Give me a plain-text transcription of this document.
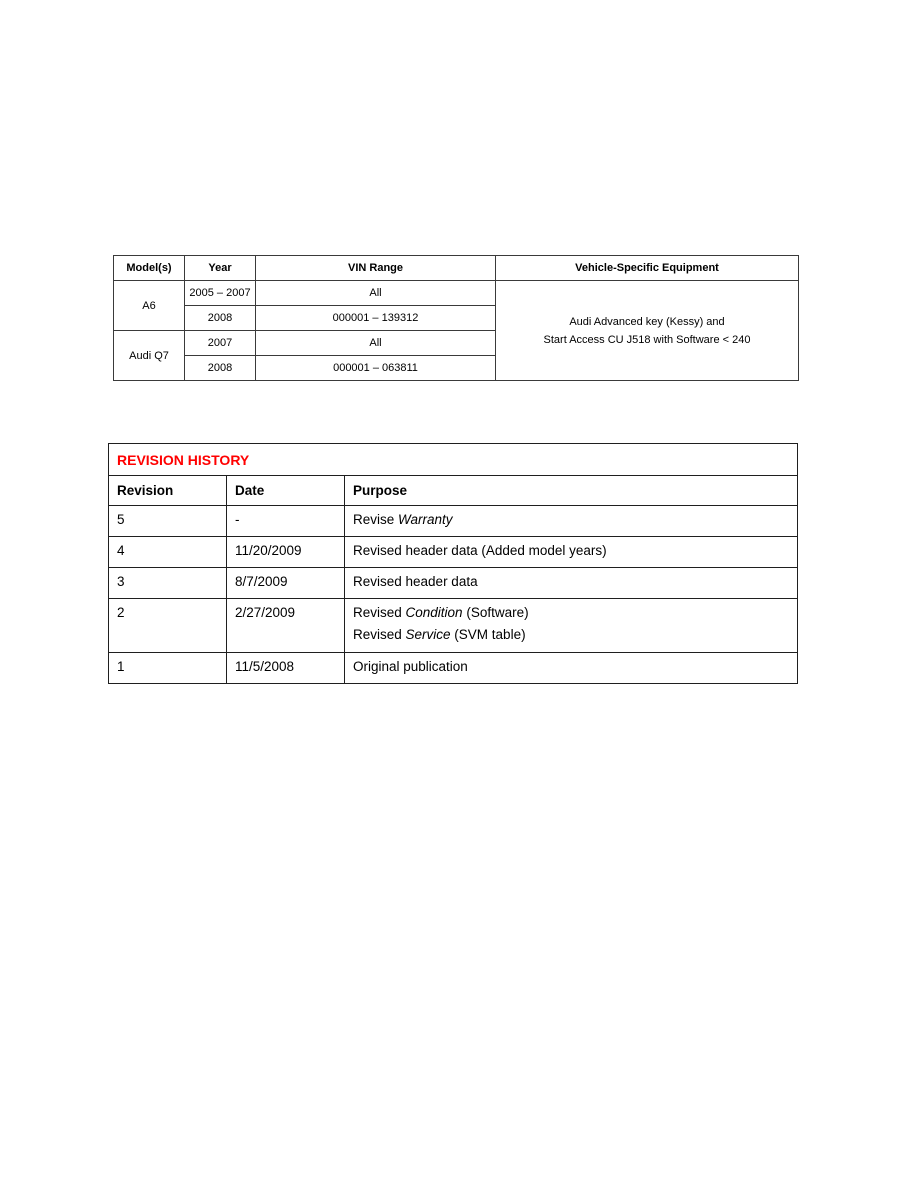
Model(s)	Year	VIN Range	Vehicle-Specific Equipment
A6	2005 – 2007	All	Audi Advanced key (Kessy) and
Start Access CU J518 with Software < 240

	2008	000001 – 139312	
Audi Q7	2007	All	
	2008	000001 – 063811	
REVISION HISTORY		
Revision	Date	Purpose
5	-	Revise Warranty

4	11/20/2009	Revised header data (Added model years)

3	8/7/2009	Revised header data

2	2/27/2009	Revised Condition (Software)
Revised Service (SVM table)

1	11/5/2008	Original publication
